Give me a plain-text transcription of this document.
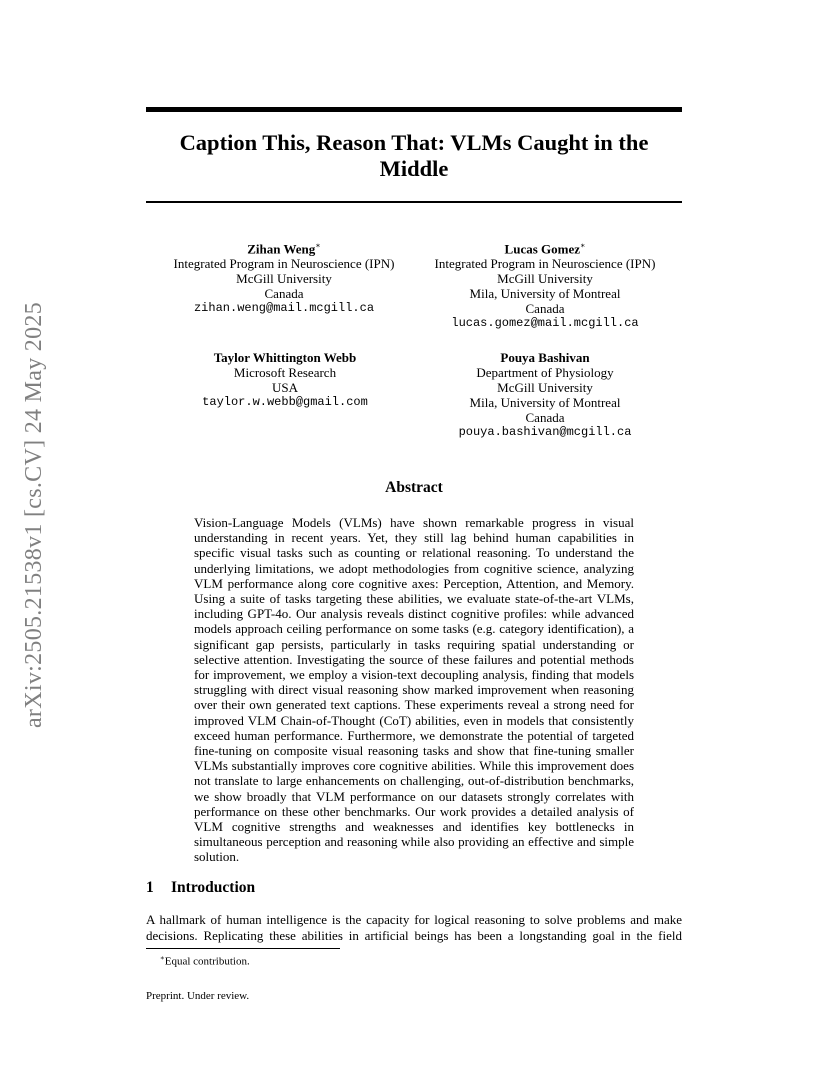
arXiv:2505.21538v1 [cs.CV] 24 May 2025
Caption This, Reason That: VLMs Caught in the Middle
Zihan Weng∗
Integrated Program in Neuroscience (IPN)
McGill University
Canada
zihan.weng@mail.mcgill.ca
Lucas Gomez∗
Integrated Program in Neuroscience (IPN)
McGill University
Mila, University of Montreal
Canada
lucas.gomez@mail.mcgill.ca
Taylor Whittington Webb
Microsoft Research
USA
taylor.w.webb@gmail.com
Pouya Bashivan
Department of Physiology
McGill University
Mila, University of Montreal
Canada
pouya.bashivan@mcgill.ca
Abstract
Vision-Language Models (VLMs) have shown remarkable progress in visual understanding in recent years. Yet, they still lag behind human capabilities in specific visual tasks such as counting or relational reasoning. To understand the underlying limitations, we adopt methodologies from cognitive science, analyzing VLM performance along core cognitive axes: Perception, Attention, and Memory. Using a suite of tasks targeting these abilities, we evaluate state-of-the-art VLMs, including GPT-4o. Our analysis reveals distinct cognitive profiles: while advanced models approach ceiling performance on some tasks (e.g. category identification), a significant gap persists, particularly in tasks requiring spatial understanding or selective attention. Investigating the source of these failures and potential methods for improvement, we employ a vision-text decoupling analysis, finding that models struggling with direct visual reasoning show marked improvement when reasoning over their own generated text captions. These experiments reveal a strong need for improved VLM Chain-of-Thought (CoT) abilities, even in models that consistently exceed human performance. Furthermore, we demonstrate the potential of targeted fine-tuning on composite visual reasoning tasks and show that fine-tuning smaller VLMs substantially improves core cognitive abilities. While this improvement does not translate to large enhancements on challenging, out-of-distribution benchmarks, we show broadly that VLM performance on our datasets strongly correlates with performance on these other benchmarks. Our work provides a detailed analysis of VLM cognitive strengths and weaknesses and identifies key bottlenecks in simultaneous perception and reasoning while also providing an effective and simple solution.
1 Introduction
A hallmark of human intelligence is the capacity for logical reasoning to solve problems and make decisions. Replicating these abilities in artificial beings has been a longstanding goal in the field
∗Equal contribution.
Preprint. Under review.
